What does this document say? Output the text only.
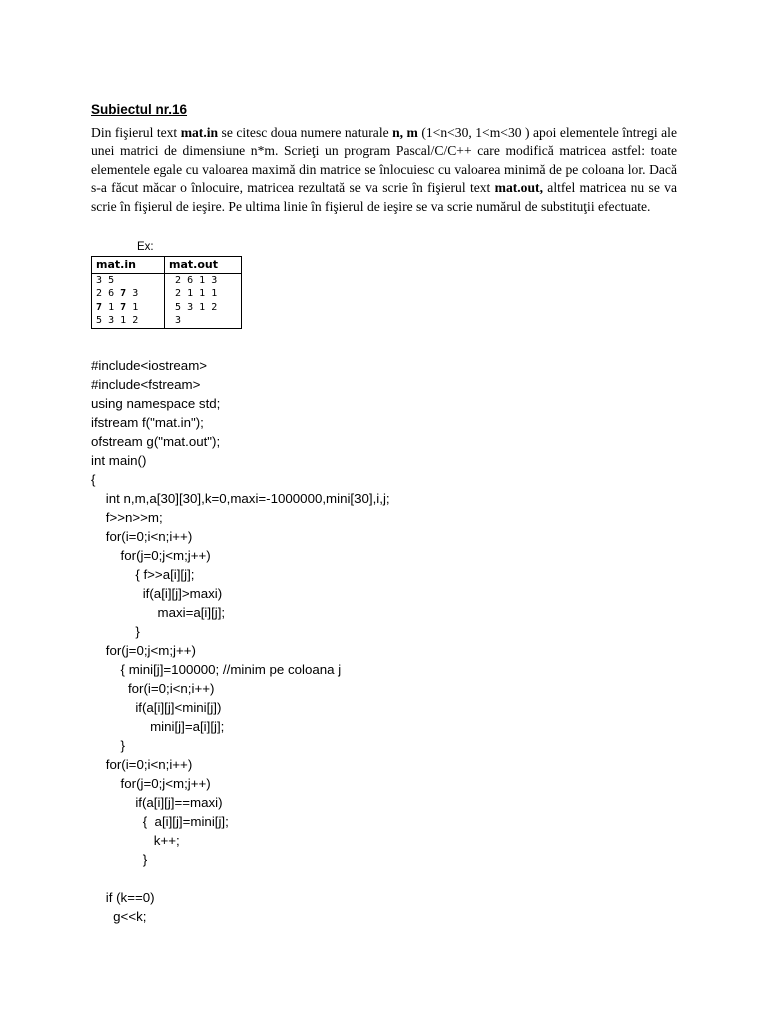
Subiectul nr.16
Din fişierul text mat.in se citesc doua numere naturale n, m (1<n<30, 1<m<30 ) apoi elementele întregi ale unei matrici de dimensiune n*m. Scrieţi un program Pascal/C/C++ care modifică matricea astfel: toate elementele egale cu valoarea maximă din matrice se înlocuiesc cu valoarea minimă de pe coloana lor. Dacă s-a făcut măcar o înlocuire, matricea rezultată se va scrie în fişierul text mat.out, altfel matricea nu se va scrie în fişierul de ieşire. Pe ultima linie în fişierul de ieşire se va scrie numărul de substituţii efectuate.
Ex:
mat.in	mat.out
3 5	2 6 1 3
2 6 7 3	2 1 1 1
7 1 7 1	5 3 1 2
5 3 1 2	3
#include<iostream>
#include<fstream>
using namespace std;
ifstream f("mat.in");
ofstream g("mat.out");
int main()
{
int n,m,a[30][30],k=0,maxi=-1000000,mini[30],i,j;
f>>n>>m;
for(i=0;i<n;i++)
for(j=0;j<m;j++)
{ f>>a[i][j];
if(a[i][j]>maxi)
maxi=a[i][j];
}
for(j=0;j<m;j++)
{ mini[j]=100000; //minim pe coloana j
for(i=0;i<n;i++)
if(a[i][j]<mini[j])
mini[j]=a[i][j];
}
for(i=0;i<n;i++)
for(j=0;j<m;j++)
if(a[i][j]==maxi)
{  a[i][j]=mini[j];
k++;
}
if (k==0)
g<<k;
